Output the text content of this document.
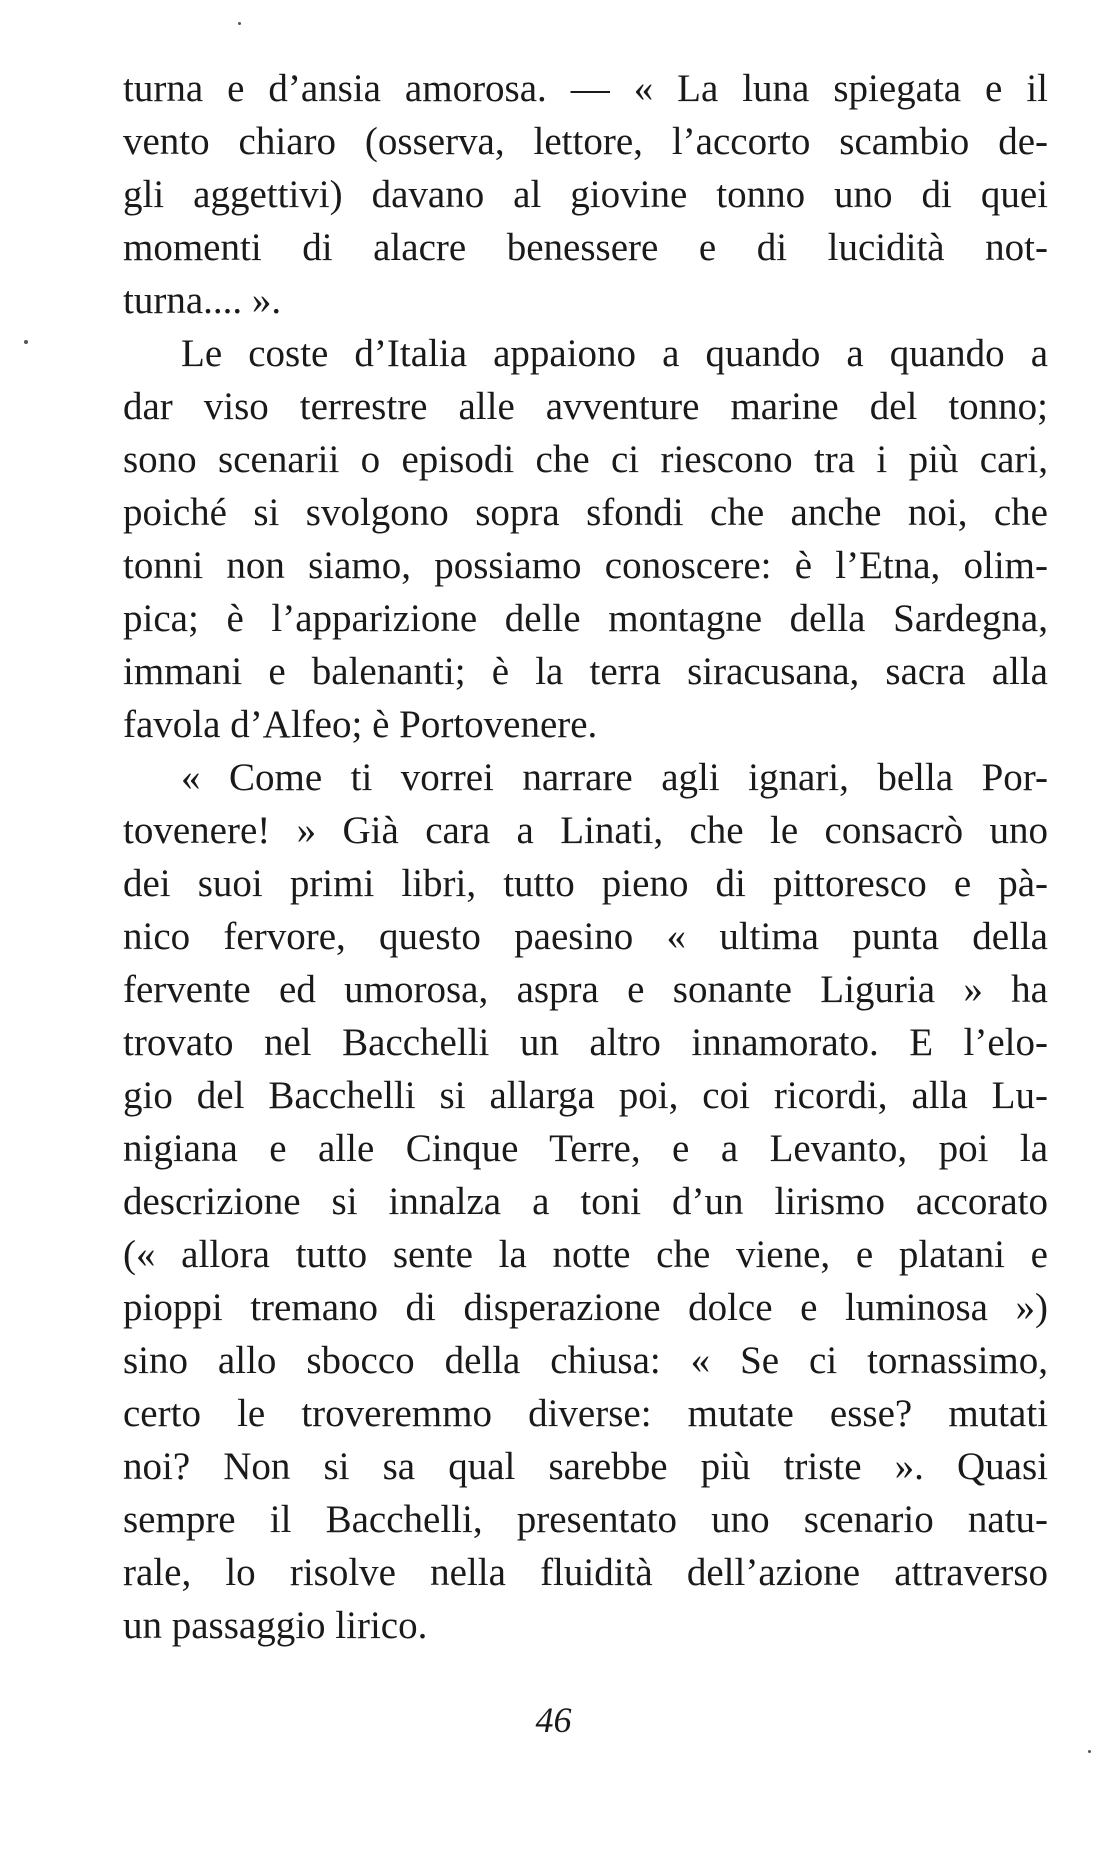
turna e d’ansia amorosa. — « La luna spiegata e il
vento chiaro (osserva, lettore, l’accorto scambio de-
gli aggettivi) davano al giovine tonno uno di quei
momenti di alacre benessere e di lucidità not-
turna.... ».
Le coste d’Italia appaiono a quando a quando a
dar viso terrestre alle avventure marine del tonno;
sono scenarii o episodi che ci riescono tra i più cari,
poiché si svolgono sopra sfondi che anche noi, che
tonni non siamo, possiamo conoscere: è l’Etna, olim-
pica; è l’apparizione delle montagne della Sardegna,
immani e balenanti; è la terra siracusana, sacra alla
favola d’Alfeo; è Portovenere.
« Come ti vorrei narrare agli ignari, bella Por-
tovenere! » Già cara a Linati, che le consacrò uno
dei suoi primi libri, tutto pieno di pittoresco e pà-
nico fervore, questo paesino « ultima punta della
fervente ed umorosa, aspra e sonante Liguria » ha
trovato nel Bacchelli un altro innamorato. E l’elo-
gio del Bacchelli si allarga poi, coi ricordi, alla Lu-
nigiana e alle Cinque Terre, e a Levanto, poi la
descrizione si innalza a toni d’un lirismo accorato
(« allora tutto sente la notte che viene, e platani e
pioppi tremano di disperazione dolce e luminosa »)
sino allo sbocco della chiusa: « Se ci tornassimo,
certo le troveremmo diverse: mutate esse? mutati
noi? Non si sa qual sarebbe più triste ». Quasi
sempre il Bacchelli, presentato uno scenario natu-
rale, lo risolve nella fluidità dell’azione attraverso
un passaggio lirico.
46
